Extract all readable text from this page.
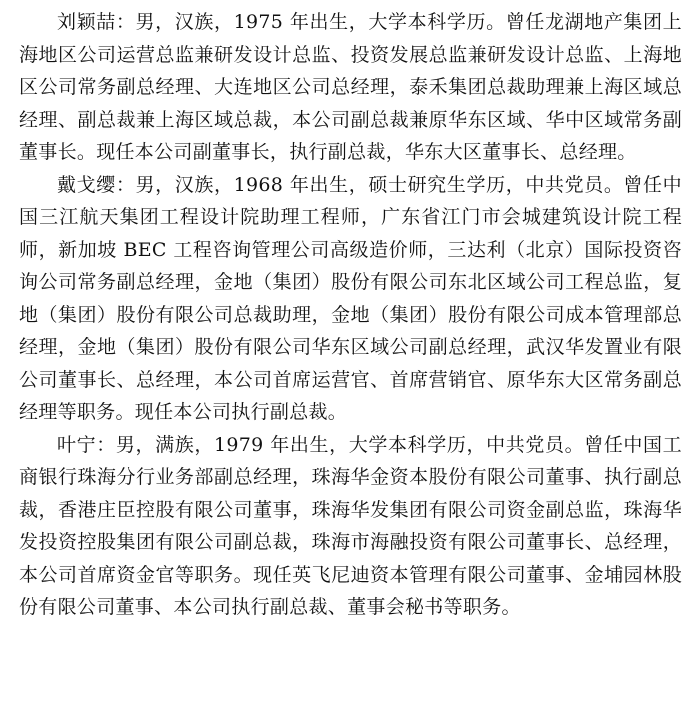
刘颖喆：男，汉族，1975 年出生，大学本科学历。曾任龙湖地产集团上海地区公司运营总监兼研发设计总监、投资发展总监兼研发设计总监、上海地区公司常务副总经理、大连地区公司总经理，泰禾集团总裁助理兼上海区域总经理、副总裁兼上海区域总裁，本公司副总裁兼原华东区域、华中区域常务副董事长。现任本公司副董事长，执行副总裁，华东大区董事长、总经理。

戴戈缨：男，汉族，1968 年出生，硕士研究生学历，中共党员。曾任中国三江航天集团工程设计院助理工程师，广东省江门市会城建筑设计院工程师，新加坡 BEC 工程咨询管理公司高级造价师，三达利（北京）国际投资咨询公司常务副总经理，金地（集团）股份有限公司东北区域公司工程总监，复地（集团）股份有限公司总裁助理，金地（集团）股份有限公司成本管理部总经理，金地（集团）股份有限公司华东区域公司副总经理，武汉华发置业有限公司董事长、总经理，本公司首席运营官、首席营销官、原华东大区常务副总经理等职务。现任本公司执行副总裁。

叶宁：男，满族，1979 年出生，大学本科学历，中共党员。曾任中国工商银行珠海分行业务部副总经理，珠海华金资本股份有限公司董事、执行副总裁，香港庄臣控股有限公司董事，珠海华发集团有限公司资金副总监，珠海华发投资控股集团有限公司副总裁，珠海市海融投资有限公司董事长、总经理，本公司首席资金官等职务。现任英飞尼迪资本管理有限公司董事、金埔园林股份有限公司董事、本公司执行副总裁、董事会秘书等职务。
